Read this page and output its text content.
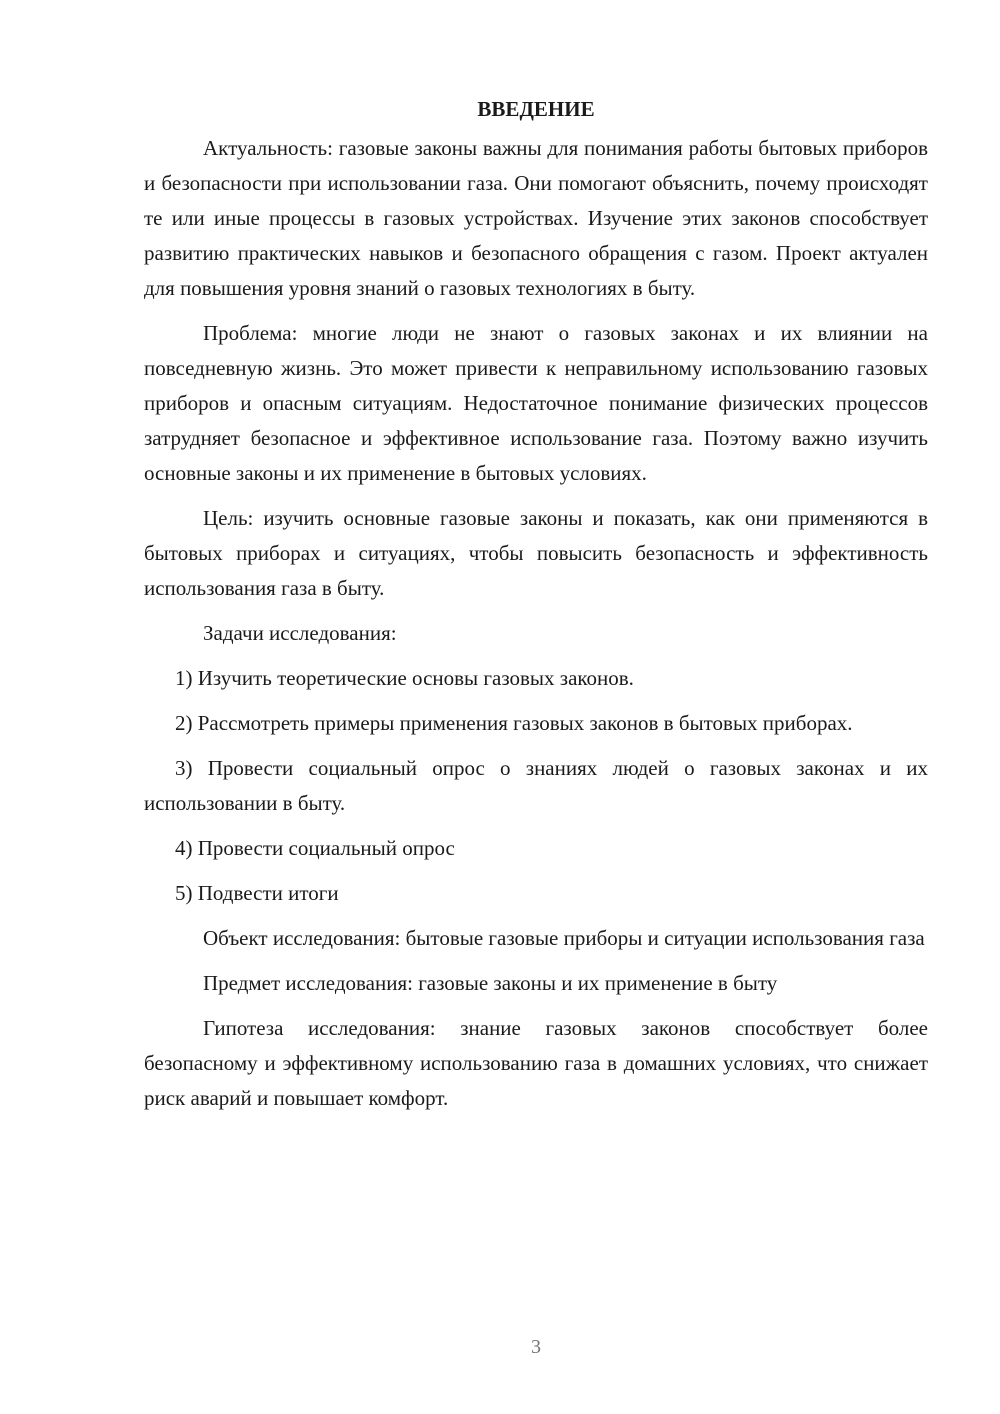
ВВЕДЕНИЕ

Актуальность: газовые законы важны для понимания работы бытовых приборов и безопасности при использовании газа. Они помогают объяснить, почему происходят те или иные процессы в газовых устройствах. Изучение этих законов способствует развитию практических навыков и безопасного обращения с газом. Проект актуален для повышения уровня знаний о газовых технологиях в быту.

Проблема: многие люди не знают о газовых законах и их влиянии на повседневную жизнь. Это может привести к неправильному использованию газовых приборов и опасным ситуациям. Недостаточное понимание физических процессов затрудняет безопасное и эффективное использование газа. Поэтому важно изучить основные законы и их применение в бытовых условиях.

Цель: изучить основные газовые законы и показать, как они применяются в бытовых приборах и ситуациях, чтобы повысить безопасность и эффективность использования газа в быту.

Задачи исследования:

1) Изучить теоретические основы газовых законов.

2) Рассмотреть примеры применения газовых законов в бытовых приборах.

3) Провести социальный опрос о знаниях людей о газовых законах и их использовании в быту.

4) Провести социальный опрос

5) Подвести итоги

Объект исследования: бытовые газовые приборы и ситуации использования газа

Предмет исследования: газовые законы и их применение в быту

Гипотеза исследования: знание газовых законов способствует более безопасному и эффективному использованию газа в домашних условиях, что снижает риск аварий и повышает комфорт.

3
